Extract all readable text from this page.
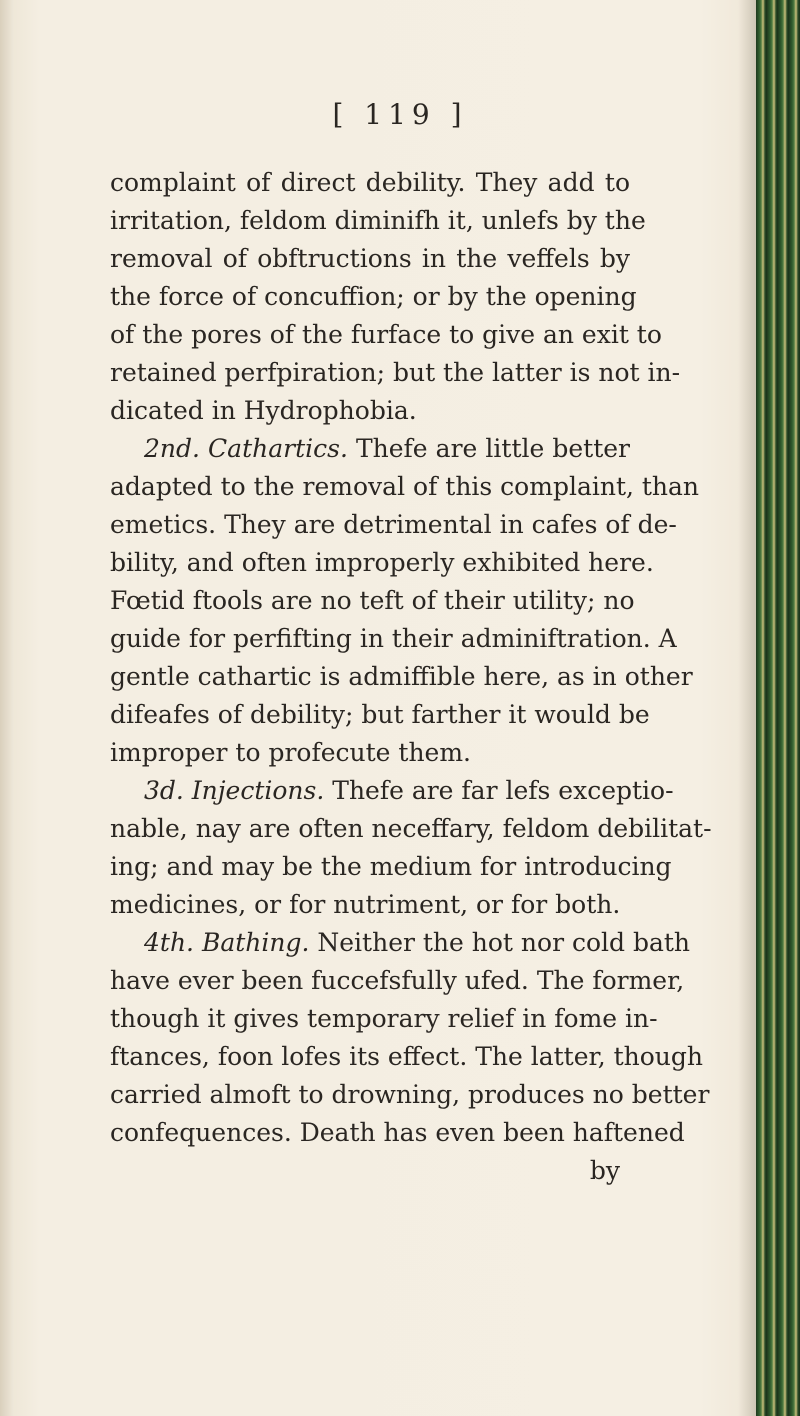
[ 119 ]
complaint of direct debility. They add to
irritation, feldom diminifh it, unlefs by the
removal of obftructions in the veffels by
the force of concuffion; or by the opening
of the pores of the furface to give an exit to
retained perfpiration; but the latter is not in-
dicated in Hydrophobia.
2nd. Cathartics. Thefe are little better
adapted to the removal of this complaint, than
emetics. They are detrimental in cafes of de-
bility, and often improperly exhibited here.
Fœtid ftools are no teft of their utility; no
guide for perfifting in their adminiftration. A
gentle cathartic is admiffible here, as in other
difeafes of debility; but farther it would be
improper to profecute them.
3d. Injections. Thefe are far lefs exceptio-
nable, nay are often neceffary, feldom debilitat-
ing; and may be the medium for introducing
medicines, or for nutriment, or for both.
4th. Bathing. Neither the hot nor cold bath
have ever been fuccefsfully ufed. The former,
though it gives temporary relief in fome in-
ftances, foon lofes its effect. The latter, though
carried almoft to drowning, produces no better
confequences. Death has even been haftened
by
